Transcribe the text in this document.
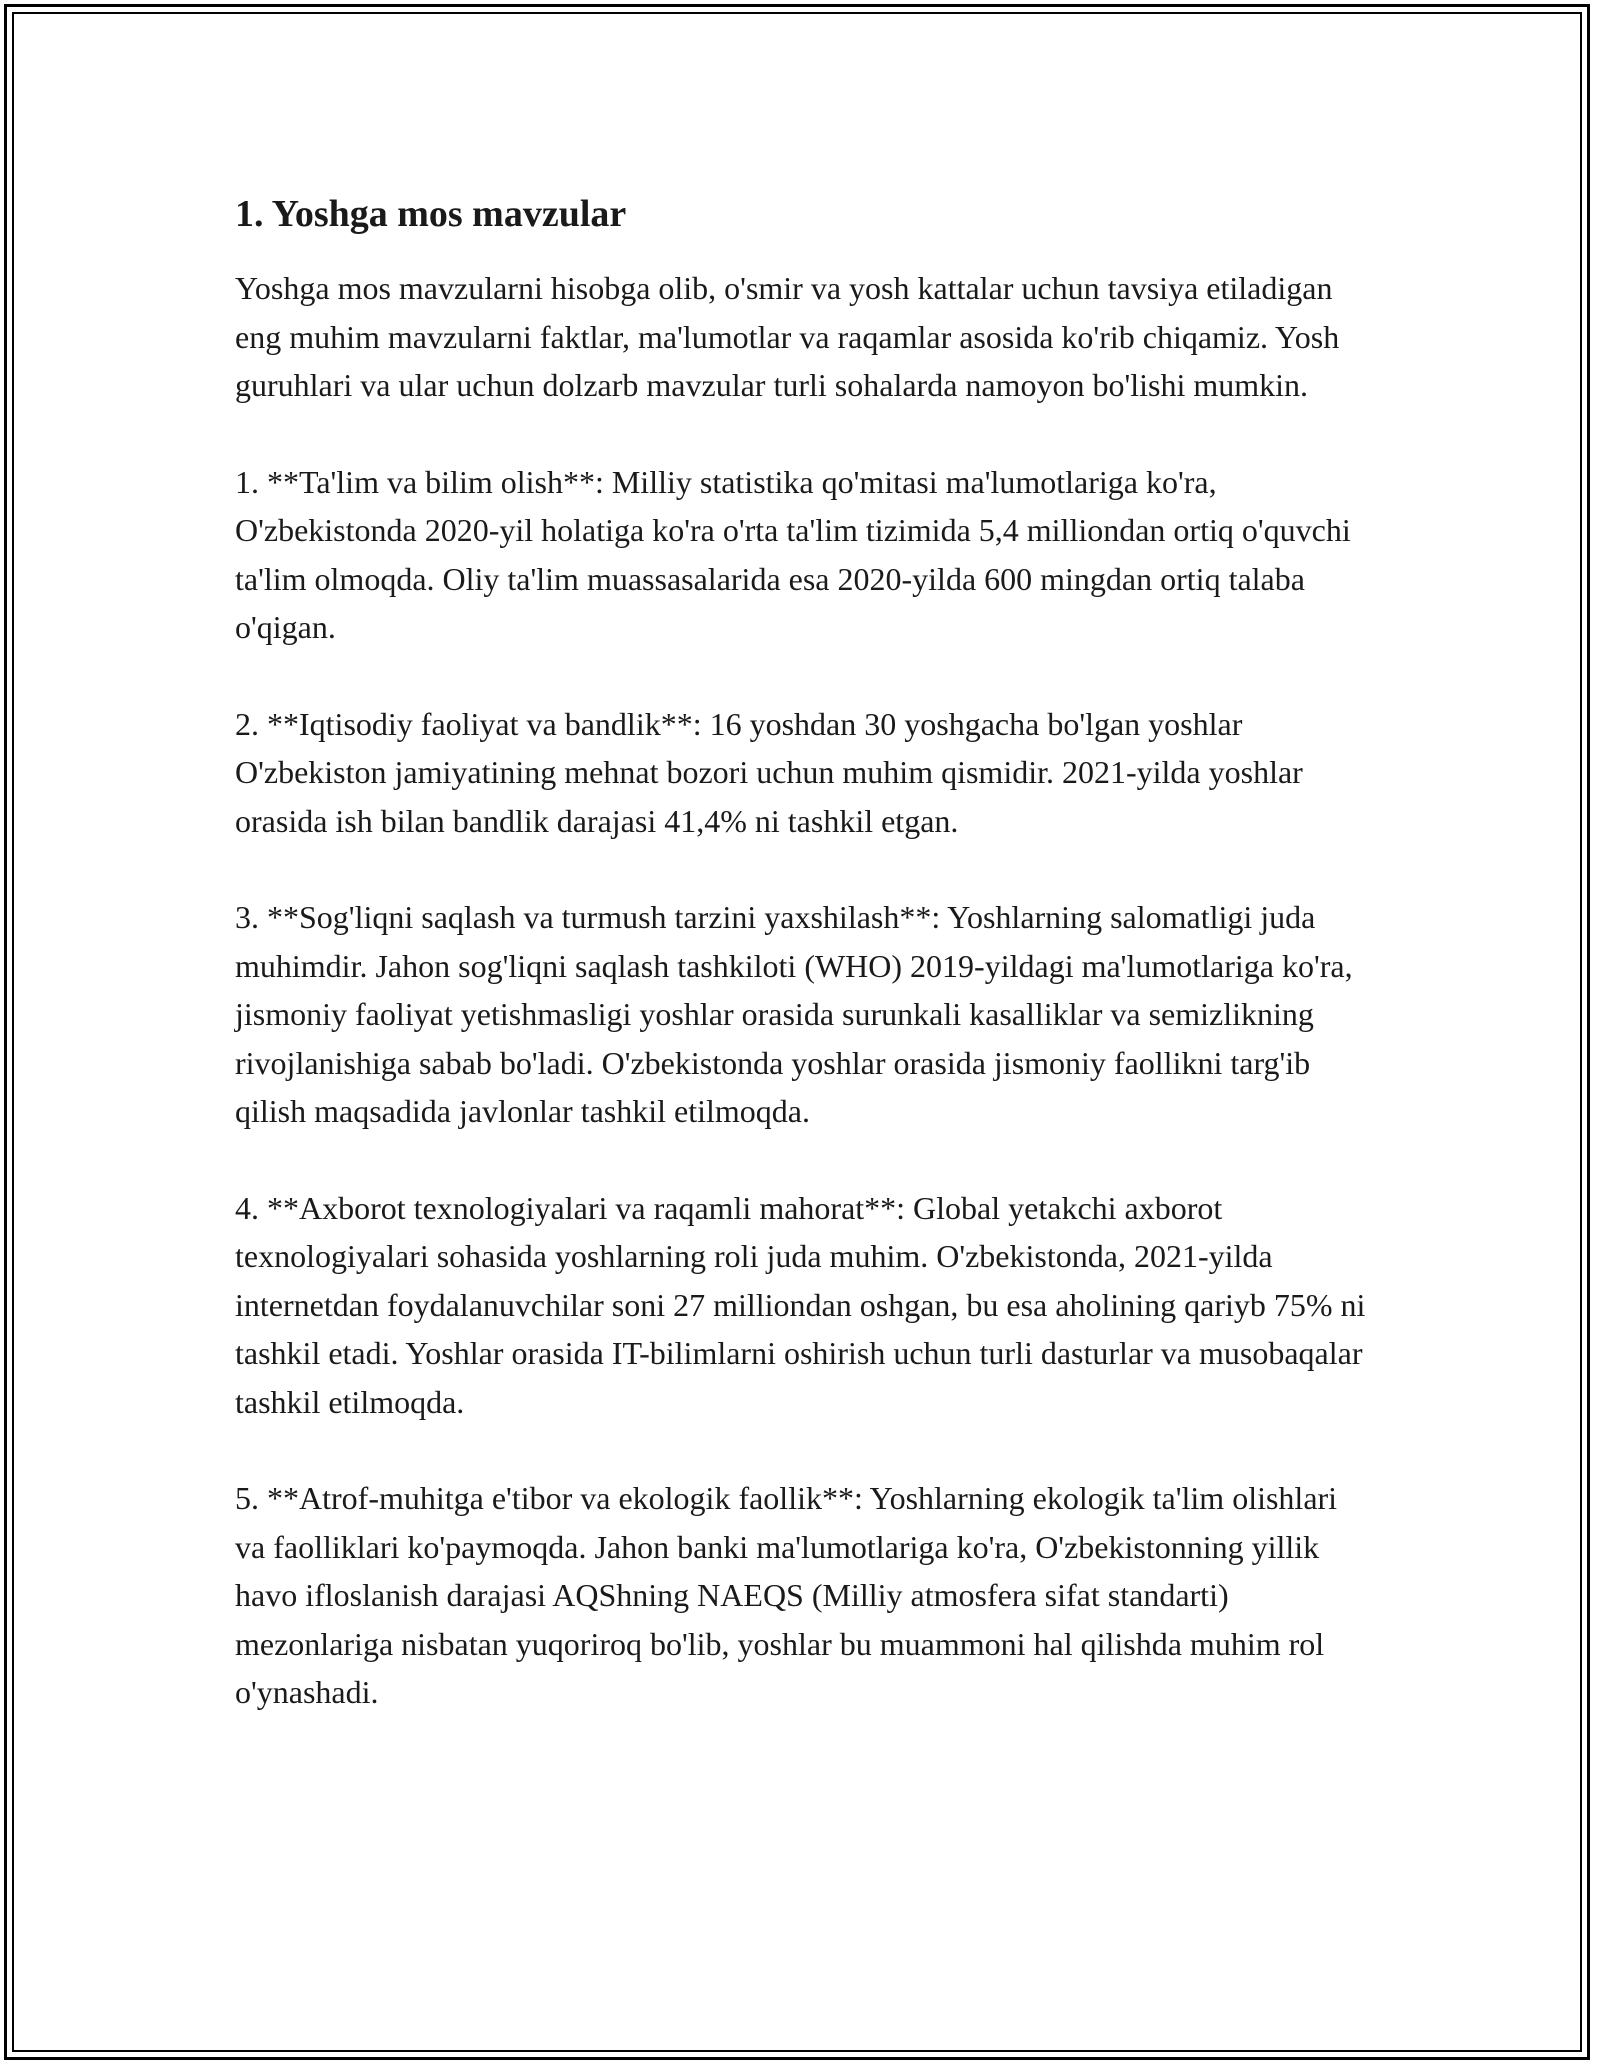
1. Yoshga mos mavzular

Yoshga mos mavzularni hisobga olib, o'smir va yosh kattalar uchun tavsiya etiladigan eng muhim mavzularni faktlar, ma'lumotlar va raqamlar asosida ko'rib chiqamiz. Yosh guruhlari va ular uchun dolzarb mavzular turli sohalarda namoyon bo'lishi mumkin.

1. **Ta'lim va bilim olish**: Milliy statistika qo'mitasi ma'lumotlariga ko'ra, O'zbekistonda 2020-yil holatiga ko'ra o'rta ta'lim tizimida 5,4 milliondan ortiq o'quvchi ta'lim olmoqda. Oliy ta'lim muassasalarida esa 2020-yilda 600 mingdan ortiq talaba o'qigan.

2. **Iqtisodiy faoliyat va bandlik**: 16 yoshdan 30 yoshgacha bo'lgan yoshlar O'zbekiston jamiyatining mehnat bozori uchun muhim qismidir. 2021-yilda yoshlar orasida ish bilan bandlik darajasi 41,4% ni tashkil etgan.

3. **Sog'liqni saqlash va turmush tarzini yaxshilash**: Yoshlarning salomatligi juda muhimdir. Jahon sog'liqni saqlash tashkiloti (WHO) 2019-yildagi ma'lumotlariga ko'ra, jismoniy faoliyat yetishmasligi yoshlar orasida surunkali kasalliklar va semizlikning rivojlanishiga sabab bo'ladi. O'zbekistonda yoshlar orasida jismoniy faollikni targ'ib qilish maqsadida javlonlar tashkil etilmoqda.

4. **Axborot texnologiyalari va raqamli mahorat**: Global yetakchi axborot texnologiyalari sohasida yoshlarning roli juda muhim. O'zbekistonda, 2021-yilda internetdan foydalanuvchilar soni 27 milliondan oshgan, bu esa aholining qariyb 75% ni tashkil etadi. Yoshlar orasida IT-bilimlarni oshirish uchun turli dasturlar va musobaqalar tashkil etilmoqda.

5. **Atrof-muhitga e'tibor va ekologik faollik**: Yoshlarning ekologik ta'lim olishlari va faolliklari ko'paymoqda. Jahon banki ma'lumotlariga ko'ra, O'zbekistonning yillik havo ifloslanish darajasi AQShning NAEQS (Milliy atmosfera sifat standarti) mezonlariga nisbatan yuqoriroq bo'lib, yoshlar bu muammoni hal qilishda muhim rol o'ynashadi.
